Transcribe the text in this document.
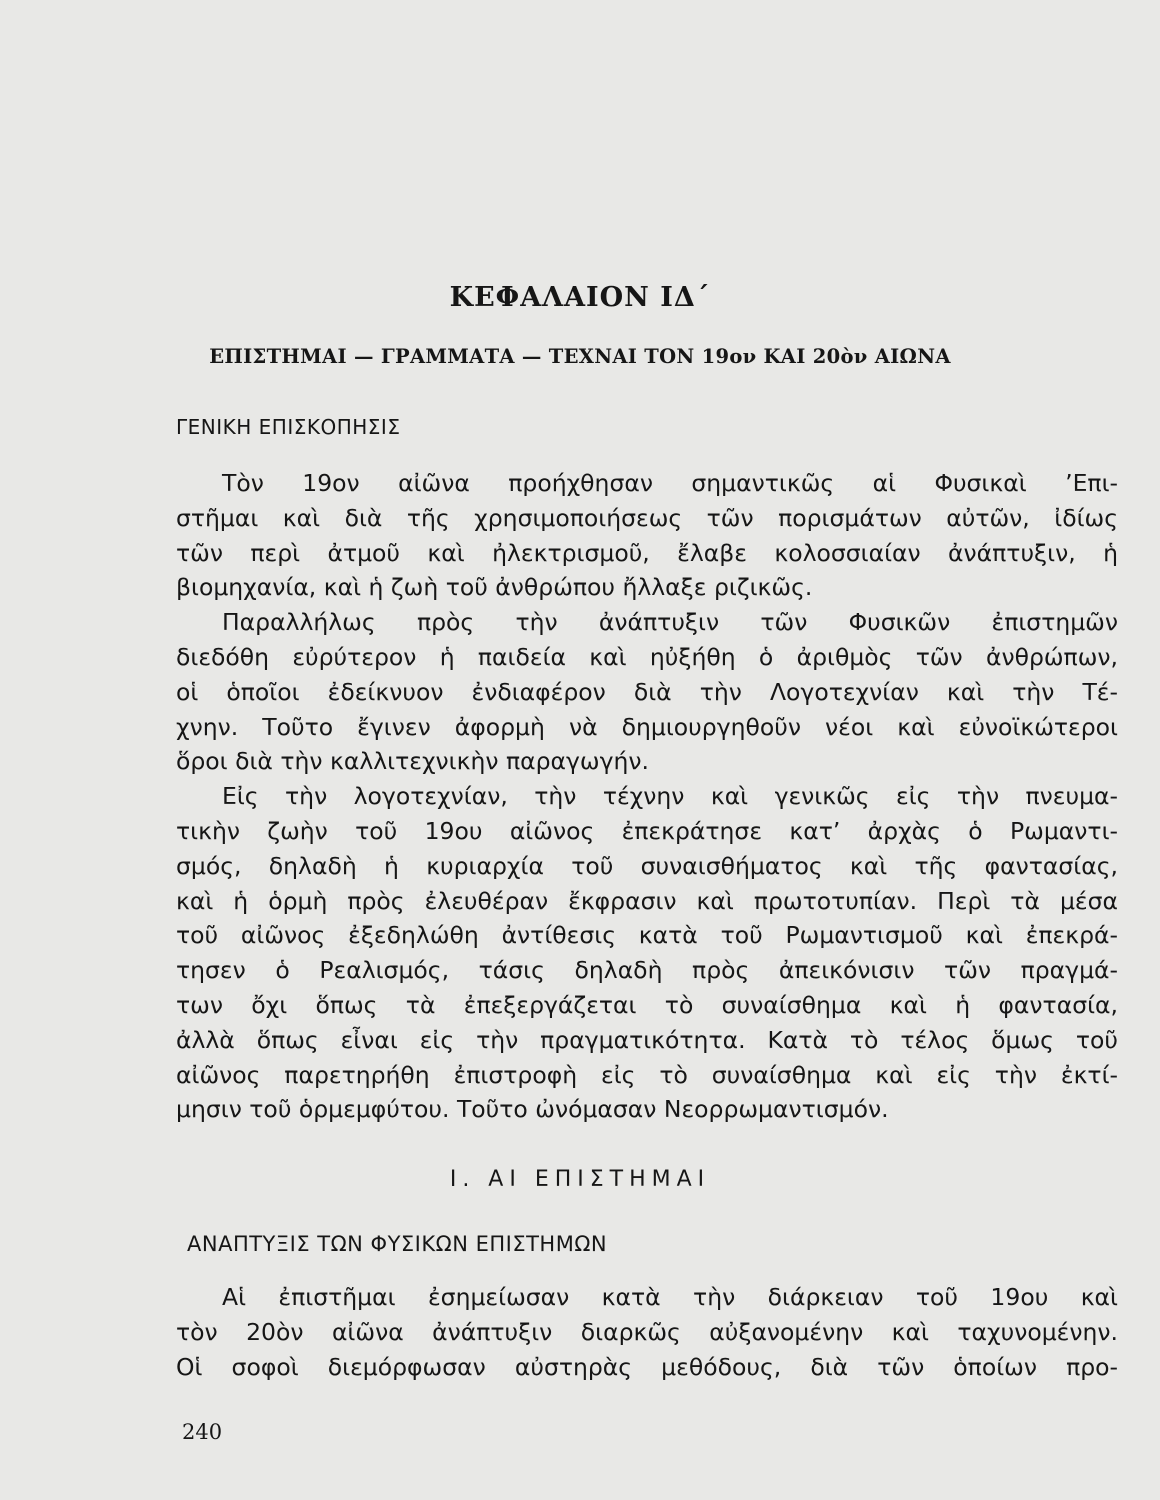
ΚΕΦΑΛΑΙΟΝ ΙΔ΄
ΕΠΙΣΤΗΜΑΙ — ΓΡΑΜΜΑΤΑ — ΤΕΧΝΑΙ ΤΟΝ 19ον ΚΑΙ 20ὸν ΑΙΩΝΑ
ΓΕΝΙΚΗ ΕΠΙΣΚΟΠΗΣΙΣ
Τὸν 19ον αἰῶνα προήχθησαν σημαντικῶς αἱ Φυσικαὶ ’Επι-
στῆμαι καὶ διὰ τῆς χρησιμοποιήσεως τῶν πορισμάτων αὐτῶν, ἰδίως
τῶν περὶ ἀτμοῦ καὶ ἠλεκτρισμοῦ, ἔλαβε κολοσσιαίαν ἀνάπτυξιν, ἡ
βιομηχανία, καὶ ἡ ζωὴ τοῦ ἀνθρώπου ἤλλαξε ριζικῶς.
Παραλλήλως πρὸς τὴν ἀνάπτυξιν τῶν Φυσικῶν ἐπιστημῶν
διεδόθη εὐρύτερον ἡ παιδεία καὶ ηὐξήθη ὁ ἀριθμὸς τῶν ἀνθρώπων,
οἱ ὁποῖοι ἐδείκνυον ἐνδιαφέρον διὰ τὴν Λογοτεχνίαν καὶ τὴν Τέ-
χνην. Τοῦτο ἔγινεν ἀφορμὴ νὰ δημιουργηθοῦν νέοι καὶ εὐνοϊκώτεροι
ὅροι διὰ τὴν καλλιτεχνικὴν παραγωγήν.
Εἰς τὴν λογοτεχνίαν, τὴν τέχνην καὶ γενικῶς εἰς τὴν πνευμα-
τικὴν ζωὴν τοῦ 19ου αἰῶνος ἐπεκράτησε κατ’ ἀρχὰς ὁ Ρωμαντι-
σμός, δηλαδὴ ἡ κυριαρχία τοῦ συναισθήματος καὶ τῆς φαντασίας,
καὶ ἡ ὁρμὴ πρὸς ἐλευθέραν ἔκφρασιν καὶ πρωτοτυπίαν. Περὶ τὰ μέσα
τοῦ αἰῶνος ἐξεδηλώθη ἀντίθεσις κατὰ τοῦ Ρωμαντισμοῦ καὶ ἐπεκρά-
τησεν ὁ Ρεαλισμός, τάσις δηλαδὴ πρὸς ἀπεικόνισιν τῶν πραγμά-
των ὄχι ὅπως τὰ ἐπεξεργάζεται τὸ συναίσθημα καὶ ἡ φαντασία,
ἀλλὰ ὅπως εἶναι εἰς τὴν πραγματικότητα. Κατὰ τὸ τέλος ὅμως τοῦ
αἰῶνος παρετηρήθη ἐπιστροφὴ εἰς τὸ συναίσθημα καὶ εἰς τὴν ἐκτί-
μησιν τοῦ ὁρμεμφύτου. Τοῦτο ὠνόμασαν Νεορρωμαντισμόν.
I. ΑΙ ΕΠΙΣΤΗΜΑΙ
ΑΝΑΠΤΥΞΙΣ ΤΩΝ ΦΥΣΙΚΩΝ ΕΠΙΣΤΗΜΩΝ
Αἱ ἐπιστῆμαι ἐσημείωσαν κατὰ τὴν διάρκειαν τοῦ 19ου καὶ
τὸν 20ὸν αἰῶνα ἀνάπτυξιν διαρκῶς αὐξανομένην καὶ ταχυνομένην.
Οἱ σοφοὶ διεμόρφωσαν αὐστηρὰς μεθόδους, διὰ τῶν ὁποίων προ-
240
